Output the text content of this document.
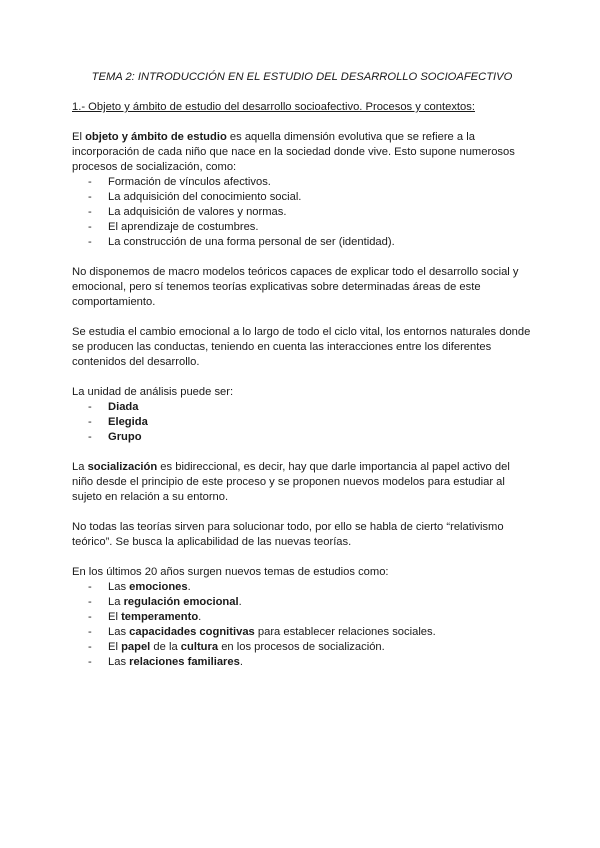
TEMA 2: INTRODUCCIÓN EN EL ESTUDIO DEL DESARROLLO SOCIOAFECTIVO
1.- Objeto y ámbito de estudio del desarrollo socioafectivo. Procesos y contextos:

El objeto y ámbito de estudio es aquella dimensión evolutiva que se refiere a la incorporación de cada niño que nace en la sociedad donde vive. Esto supone numerosos procesos de socialización, como:

- Formación de vínculos afectivos.
- La adquisición del conocimiento social.
- La adquisición de valores y normas.
- El aprendizaje de costumbres.
- La construcción de una forma personal de ser (identidad).

No disponemos de macro modelos teóricos capaces de explicar todo el desarrollo social y emocional, pero sí tenemos teorías explicativas sobre determinadas áreas de este comportamiento.

Se estudia el cambio emocional a lo largo de todo el ciclo vital, los entornos naturales donde se producen las conductas, teniendo en cuenta las interacciones entre los diferentes contenidos del desarrollo.

La unidad de análisis puede ser:

- Diada
- Elegida
- Grupo

La socialización es bidireccional, es decir, hay que darle importancia al papel activo del niño desde el principio de este proceso y se proponen nuevos modelos para estudiar al sujeto en relación a su entorno.

No todas las teorías sirven para solucionar todo, por ello se habla de cierto “relativismo teórico”. Se busca la aplicabilidad de las nuevas teorías.

En los últimos 20 años surgen nuevos temas de estudios como:

- Las emociones.
- La regulación emocional.
- El temperamento.
- Las capacidades cognitivas para establecer relaciones sociales.
- El papel de la cultura en los procesos de socialización.
- Las relaciones familiares.
